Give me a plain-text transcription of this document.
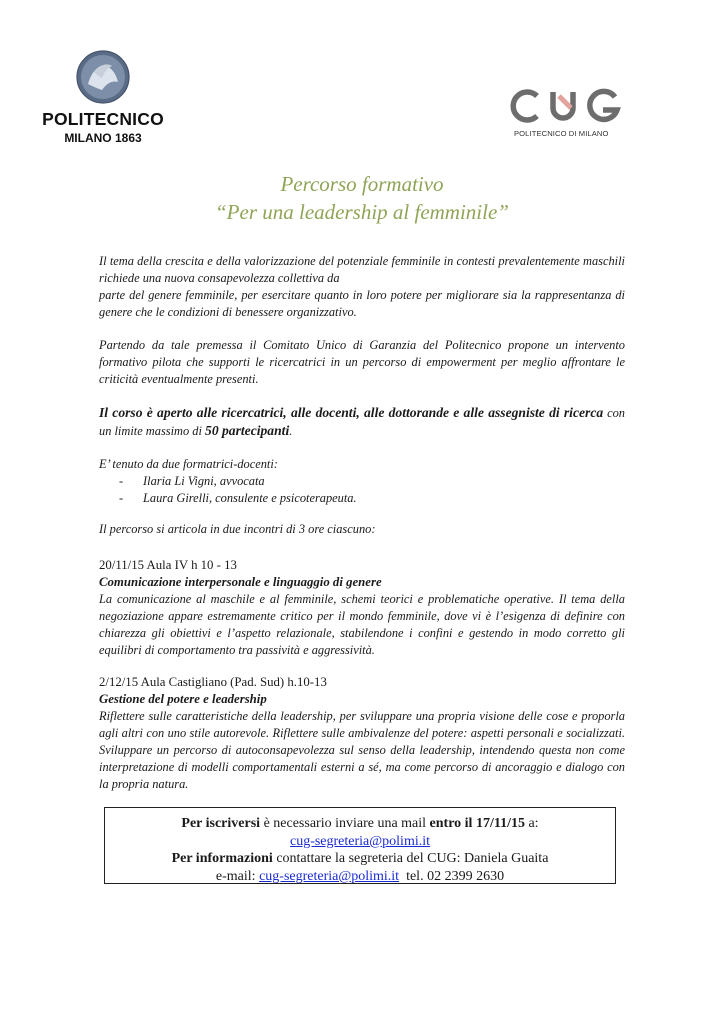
POLITECNICO
MILANO 1863	POLITECNICO DI MILANO
Percorso formativo
“Per una leadership al femminile”

Il tema della crescita e della valorizzazione del potenziale femminile in contesti prevalentemente maschili richiede una nuova consapevolezza collettiva da

parte del genere femminile, per esercitare quanto in loro potere per migliorare sia la rappresentanza di genere che le condizioni di benessere organizzativo.

Partendo da tale premessa il Comitato Unico di Garanzia del Politecnico propone un intervento formativo pilota che supporti le ricercatrici in un percorso di empowerment per meglio affrontare le criticità eventualmente presenti.

Il corso è aperto alle ricercatrici, alle docenti, alle dottorande e alle assegniste di ricerca con un limite massimo di 50 partecipanti.

E’ tenuto da due formatrici-docenti:

- Ilaria Li Vigni, avvocata
- Laura Girelli, consulente e psicoterapeuta.

Il percorso si articola in due incontri di 3 ore ciascuno:

20/11/15 Aula IV h 10 - 13

Comunicazione interpersonale e linguaggio di genere

La comunicazione al maschile e al femminile, schemi teorici e problematiche operative. Il tema della negoziazione appare estremamente critico per il mondo femminile, dove vi è l’esigenza di definire con chiarezza gli obiettivi e l’aspetto relazionale, stabilendone i confini e gestendo in modo corretto gli equilibri di comportamento tra passività e aggressività.

2/12/15 Aula Castigliano (Pad. Sud) h.10-13

Gestione del potere e leadership

Riflettere sulle caratteristiche della leadership, per sviluppare una propria visione delle cose e proporla agli altri con uno stile autorevole. Riflettere sulle ambivalenze del potere: aspetti personali e socializzati. Sviluppare un percorso di autoconsapevolezza sul senso della leadership, intendendo questa non come interpretazione di modelli comportamentali esterni a sé, ma come percorso di ancoraggio e dialogo con la propria natura.

Per iscriversi è necessario inviare una mail entro il 17/11/15 a:
cug-segreteria@polimi.it
Per informazioni contattare la segreteria del CUG: Daniela Guaita
e-mail: cug-segreteria@polimi.it  tel. 02 2399 2630
